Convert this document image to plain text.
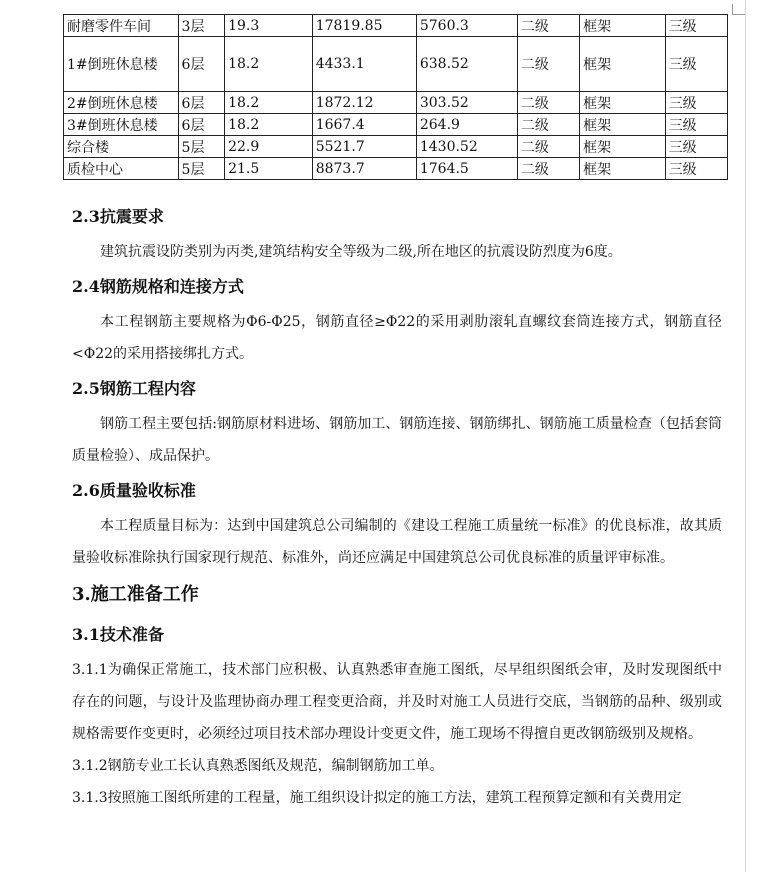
耐磨零件车间	3层	19.3	17819.85	5760.3	二级	框架	三级
1#倒班休息楼	6层	18.2	4433.1	638.52	二级	框架	三级
2#倒班休息楼	6层	18.2	1872.12	303.52	二级	框架	三级
3#倒班休息楼	6层	18.2	1667.4	264.9	二级	框架	三级
综合楼	5层	22.9	5521.7	1430.52	二级	框架	三级
质检中心	5层	21.5	8873.7	1764.5	二级	框架	三级
2.3抗震要求

建筑抗震设防类别为丙类,建筑结构安全等级为二级,所在地区的抗震设防烈度为6度。

2.4钢筋规格和连接方式

本工程钢筋主要规格为Φ6-Φ25，钢筋直径≥Φ22的采用剥肋滚轧直螺纹套筒连接方式，钢筋直径<Φ22的采用搭接绑扎方式。

2.5钢筋工程内容

钢筋工程主要包括:钢筋原材料进场、钢筋加工、钢筋连接、钢筋绑扎、钢筋施工质量检查（包括套筒质量检验）、成品保护。

2.6质量验收标准

本工程质量目标为：达到中国建筑总公司编制的《建设工程施工质量统一标准》的优良标准，故其质量验收标准除执行国家现行规范、标准外，尚还应满足中国建筑总公司优良标准的质量评审标准。

3.施工准备工作
3.1技术准备

3.1.1为确保正常施工，技术部门应积极、认真熟悉审查施工图纸，尽早组织图纸会审，及时发现图纸中存在的问题，与设计及监理协商办理工程变更洽商，并及时对施工人员进行交底，当钢筋的品种、级别或规格需要作变更时，必须经过项目技术部办理设计变更文件，施工现场不得擅自更改钢筋级别及规格。

3.1.2钢筋专业工长认真熟悉图纸及规范，编制钢筋加工单。

3.1.3按照施工图纸所建的工程量，施工组织设计拟定的施工方法，建筑工程预算定额和有关费用定
